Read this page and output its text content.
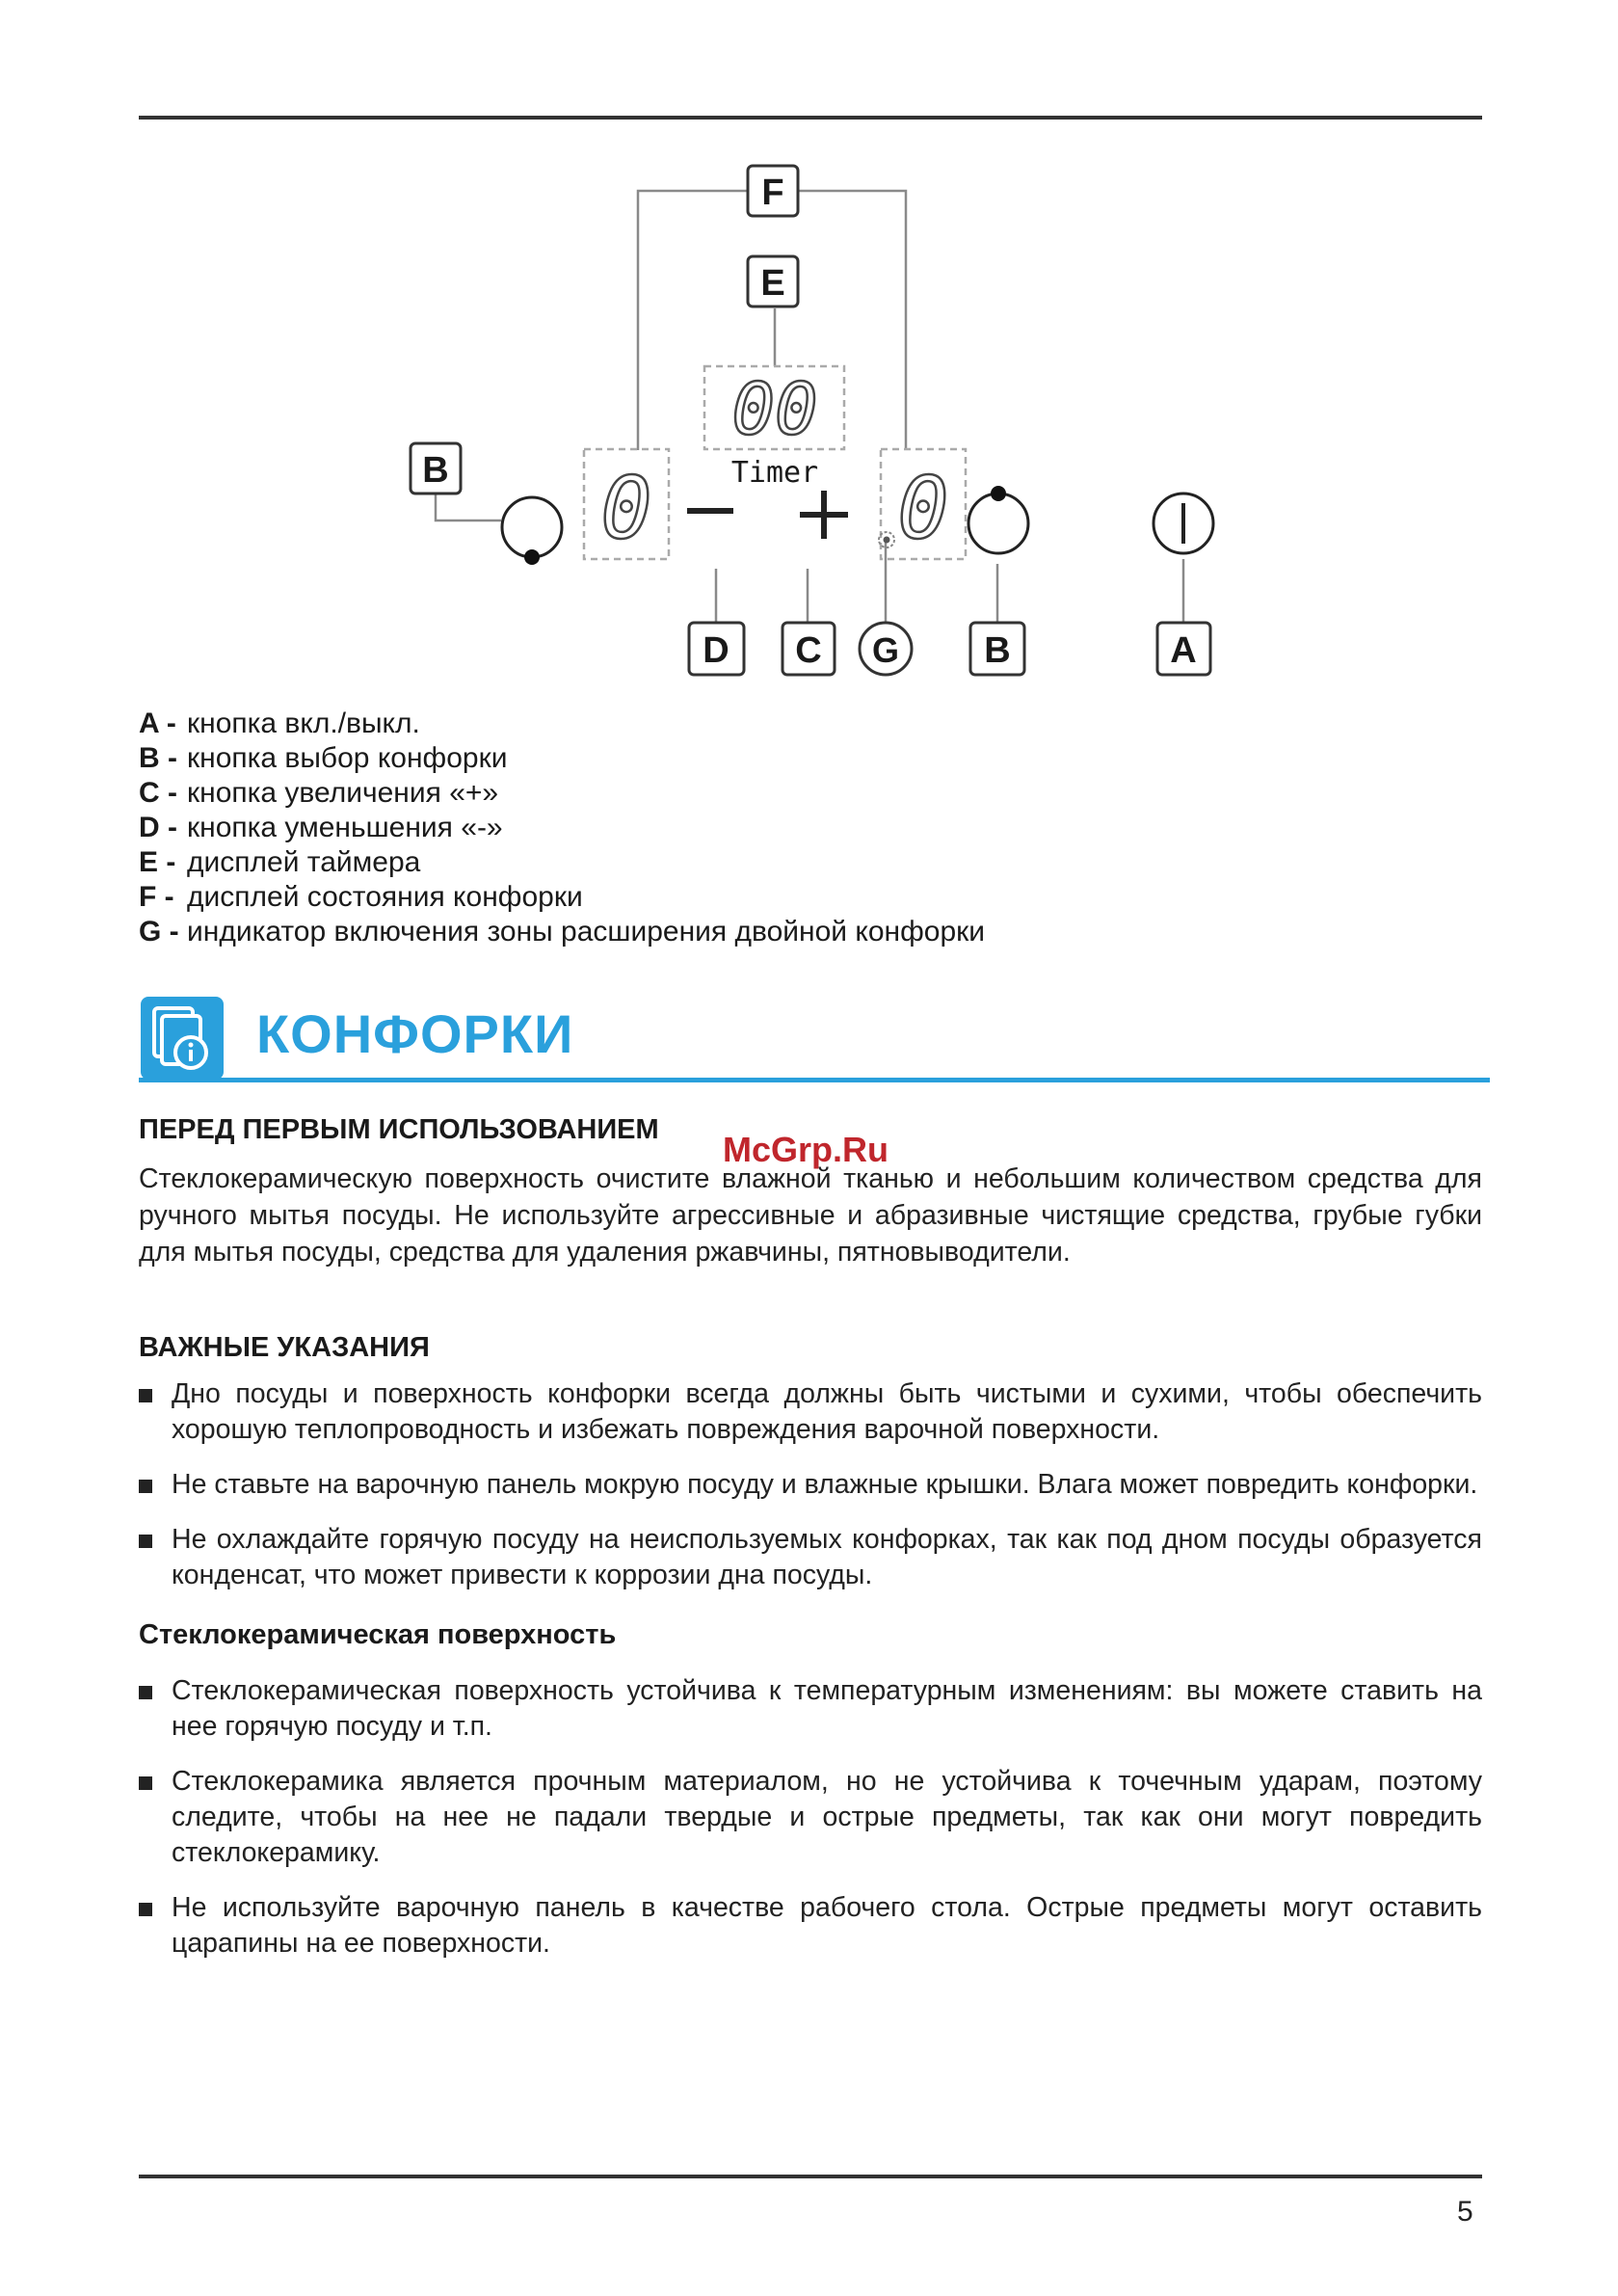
F
E
B
00
Timer
0	0
D C G B	A
A - кнопка вкл./выкл.
B - кнопка выбор конфорки
C - кнопка увеличения «+»
D - кнопка уменьшения «-»
E - дисплей таймера
F - дисплей состояния конфорки
G - индикатор включения зоны расширения двойной конфорки
КОНФОРКИ
McGrp.Ru
ПЕРЕД ПЕРВЫМ ИСПОЛЬЗОВАНИЕМ
Стеклокерамическую поверхность очистите влажной тканью и небольшим количеством средства для ручного мытья посуды. Не используйте агрессивные и абразивные чистящие средства, грубые губки для мытья посуды, средства для удаления ржавчины, пятновыводители.
ВАЖНЫЕ УКАЗАНИЯ
Дно посуды и поверхность конфорки всегда должны быть чистыми и сухими, чтобы обеспечить хорошую теплопроводность и избежать повреждения варочной поверхности.
Не ставьте на варочную панель мокрую посуду и влажные крышки. Влага может повредить конфорки.
Не охлаждайте горячую посуду на неиспользуемых конфорках, так как под дном посуды образуется конденсат, что может привести к коррозии дна посуды.
Стеклокерамическая поверхность
Стеклокерамическая поверхность устойчива к температурным изменениям: вы можете ставить на нее горячую посуду и т.п.
Стеклокерамика является прочным материалом, но не устойчива к точечным ударам, поэтому следите, чтобы на нее не падали твердые и острые предметы, так как они могут повредить стеклокерамику.
Не используйте варочную панель в качестве рабочего стола. Острые предметы могут оставить царапины на ее поверхности.
5
